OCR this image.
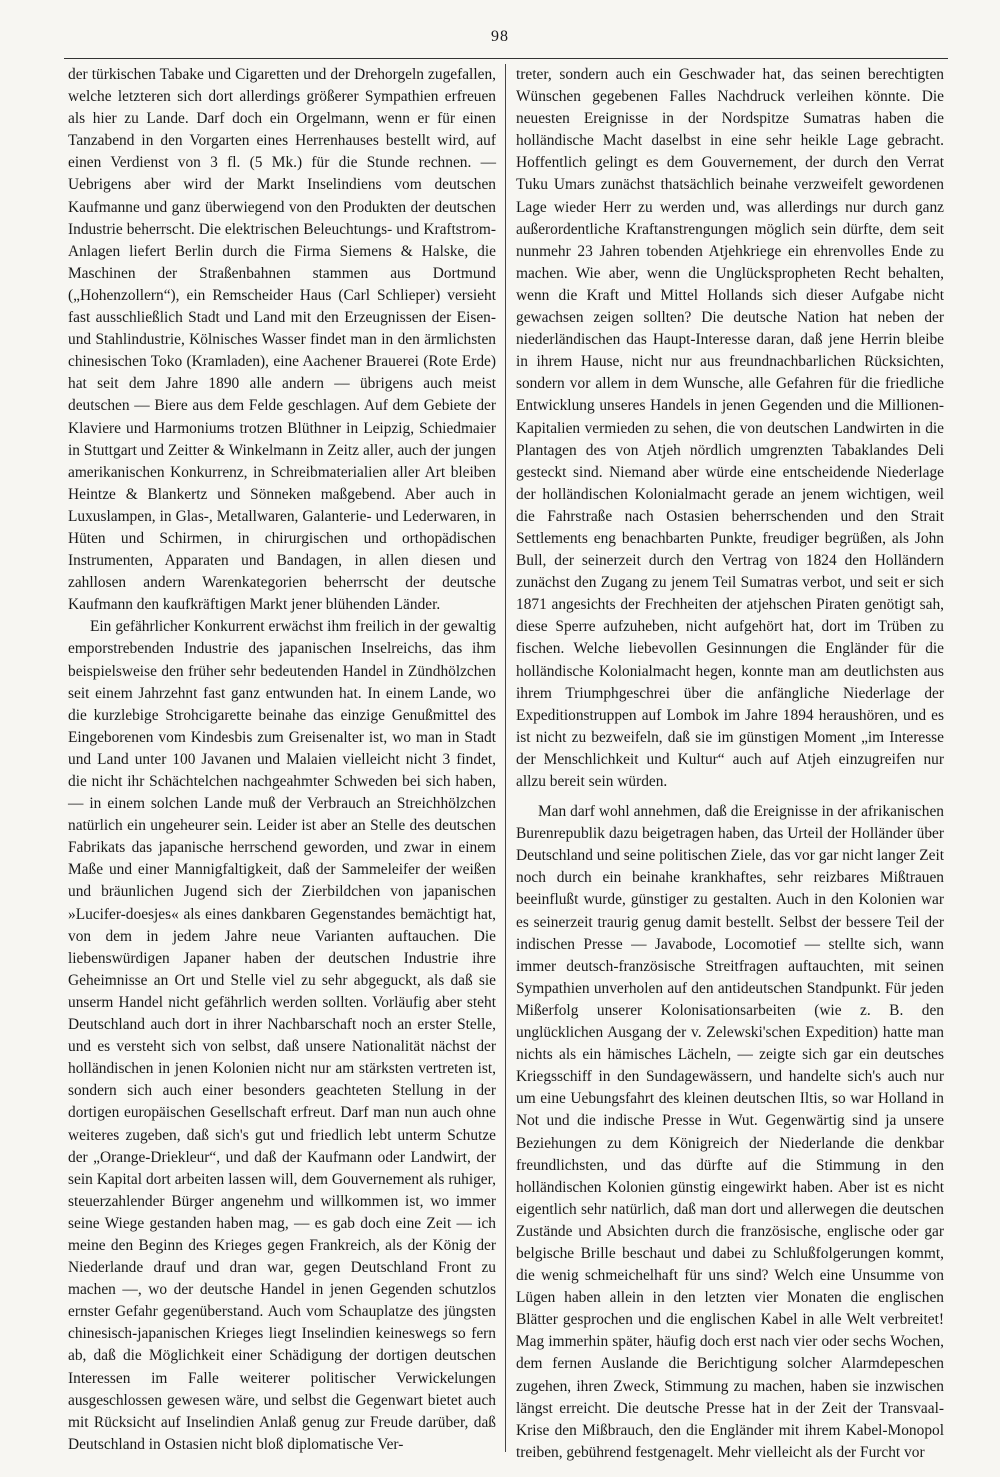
98

der türkischen Tabake und Cigaretten und der Drehorgeln zugefallen, welche letzteren sich dort allerdings größerer Sympathien erfreuen als hier zu Lande. Darf doch ein Orgelmann, wenn er für einen Tanzabend in den Vorgarten eines Herrenhauses bestellt wird, auf einen Verdienst von 3 fl. (5 Mk.) für die Stunde rechnen. — Uebrigens aber wird der Markt Inselindiens vom deutschen Kaufmanne und ganz überwiegend von den Produkten der deutschen Industrie beherrscht. Die elektrischen Beleuchtungs- und Kraftstrom-Anlagen liefert Berlin durch die Firma Siemens & Halske, die Maschinen der Straßenbahnen stammen aus Dortmund („Hohenzollern“), ein Remscheider Haus (Carl Schlieper) versieht fast ausschließlich Stadt und Land mit den Erzeugnissen der Eisen- und Stahlindustrie, Kölnisches Wasser findet man in den ärmlichsten chinesischen Toko (Kramladen), eine Aachener Brauerei (Rote Erde) hat seit dem Jahre 1890 alle andern — übrigens auch meist deutschen — Biere aus dem Felde geschlagen. Auf dem Gebiete der Klaviere und Harmoniums trotzen Blüthner in Leipzig, Schiedmaier in Stuttgart und Zeitter & Winkelmann in Zeitz aller, auch der jungen amerikanischen Konkurrenz, in Schreibmaterialien aller Art bleiben Heintze & Blankertz und Sönneken maßgebend. Aber auch in Luxuslampen, in Glas-, Metallwaren, Galanterie- und Lederwaren, in Hüten und Schirmen, in chirurgischen und orthopädischen Instrumenten, Apparaten und Bandagen, in allen diesen und zahllosen andern Warenkategorien beherrscht der deutsche Kaufmann den kaufkräftigen Markt jener blühenden Länder.

Ein gefährlicher Konkurrent erwächst ihm freilich in der gewaltig emporstrebenden Industrie des japanischen Inselreichs, das ihm beispielsweise den früher sehr bedeutenden Handel in Zündhölzchen seit einem Jahrzehnt fast ganz entwunden hat. In einem Lande, wo die kurzlebige Strohcigarette beinahe das einzige Genußmittel des Eingeborenen vom Kindesbis zum Greisenalter ist, wo man in Stadt und Land unter 100 Javanen und Malaien vielleicht nicht 3 findet, die nicht ihr Schächtelchen nachgeahmter Schweden bei sich haben, — in einem solchen Lande muß der Verbrauch an Streichhölzchen natürlich ein ungeheurer sein. Leider ist aber an Stelle des deutschen Fabrikats das japanische herrschend geworden, und zwar in einem Maße und einer Mannigfaltigkeit, daß der Sammeleifer der weißen und bräunlichen Jugend sich der Zierbildchen von japanischen »Lucifer-doesjes« als eines dankbaren Gegenstandes bemächtigt hat, von dem in jedem Jahre neue Varianten auftauchen. Die liebenswürdigen Japaner haben der deutschen Industrie ihre Geheimnisse an Ort und Stelle viel zu sehr abgeguckt, als daß sie unserm Handel nicht gefährlich werden sollten. Vorläufig aber steht Deutschland auch dort in ihrer Nachbarschaft noch an erster Stelle, und es versteht sich von selbst, daß unsere Nationalität nächst der holländischen in jenen Kolonien nicht nur am stärksten vertreten ist, sondern sich auch einer besonders geachteten Stellung in der dortigen europäischen Gesellschaft erfreut. Darf man nun auch ohne weiteres zugeben, daß sich's gut und friedlich lebt unterm Schutze der „Orange-Driekleur“, und daß der Kaufmann oder Landwirt, der sein Kapital dort arbeiten lassen will, dem Gouvernement als ruhiger, steuerzahlender Bürger angenehm und willkommen ist, wo immer seine Wiege gestanden haben mag, — es gab doch eine Zeit — ich meine den Beginn des Krieges gegen Frankreich, als der König der Niederlande drauf und dran war, gegen Deutschland Front zu machen —, wo der deutsche Handel in jenen Gegenden schutzlos ernster Gefahr gegenüberstand. Auch vom Schauplatze des jüngsten chinesisch-japanischen Krieges liegt Inselindien keineswegs so fern ab, daß die Möglichkeit einer Schädigung der dortigen deutschen Interessen im Falle weiterer politischer Verwickelungen ausgeschlossen gewesen wäre, und selbst die Gegenwart bietet auch mit Rücksicht auf Inselindien Anlaß genug zur Freude darüber, daß Deutschland in Ostasien nicht bloß diplomatische Ver-

treter, sondern auch ein Geschwader hat, das seinen berechtigten Wünschen gegebenen Falles Nachdruck verleihen könnte. Die neuesten Ereignisse in der Nordspitze Sumatras haben die holländische Macht daselbst in eine sehr heikle Lage gebracht. Hoffentlich gelingt es dem Gouvernement, der durch den Verrat Tuku Umars zunächst thatsächlich beinahe verzweifelt gewordenen Lage wieder Herr zu werden und, was allerdings nur durch ganz außerordentliche Kraftanstrengungen möglich sein dürfte, dem seit nunmehr 23 Jahren tobenden Atjehkriege ein ehrenvolles Ende zu machen. Wie aber, wenn die Unglückspropheten Recht behalten, wenn die Kraft und Mittel Hollands sich dieser Aufgabe nicht gewachsen zeigen sollten? Die deutsche Nation hat neben der niederländischen das Haupt-Interesse daran, daß jene Herrin bleibe in ihrem Hause, nicht nur aus freundnachbarlichen Rücksichten, sondern vor allem in dem Wunsche, alle Gefahren für die friedliche Entwicklung unseres Handels in jenen Gegenden und die Millionen-Kapitalien vermieden zu sehen, die von deutschen Landwirten in die Plantagen des von Atjeh nördlich umgrenzten Tabaklandes Deli gesteckt sind. Niemand aber würde eine entscheidende Niederlage der holländischen Kolonialmacht gerade an jenem wichtigen, weil die Fahrstraße nach Ostasien beherrschenden und den Strait Settlements eng benachbarten Punkte, freudiger begrüßen, als John Bull, der seinerzeit durch den Vertrag von 1824 den Holländern zunächst den Zugang zu jenem Teil Sumatras verbot, und seit er sich 1871 angesichts der Frechheiten der atjehschen Piraten genötigt sah, diese Sperre aufzuheben, nicht aufgehört hat, dort im Trüben zu fischen. Welche liebevollen Gesinnungen die Engländer für die holländische Kolonialmacht hegen, konnte man am deutlichsten aus ihrem Triumphgeschrei über die anfängliche Niederlage der Expeditionstruppen auf Lombok im Jahre 1894 heraushören, und es ist nicht zu bezweifeln, daß sie im günstigen Moment „im Interesse der Menschlichkeit und Kultur“ auch auf Atjeh einzugreifen nur allzu bereit sein würden.

Man darf wohl annehmen, daß die Ereignisse in der afrikanischen Burenrepublik dazu beigetragen haben, das Urteil der Holländer über Deutschland und seine politischen Ziele, das vor gar nicht langer Zeit noch durch ein beinahe krankhaftes, sehr reizbares Mißtrauen beeinflußt wurde, günstiger zu gestalten. Auch in den Kolonien war es seinerzeit traurig genug damit bestellt. Selbst der bessere Teil der indischen Presse — Javabode, Locomotief — stellte sich, wann immer deutsch-französische Streitfragen auftauchten, mit seinen Sympathien unverholen auf den antideutschen Standpunkt. Für jeden Mißerfolg unserer Kolonisationsarbeiten (wie z. B. den unglücklichen Ausgang der v. Zelewski'schen Expedition) hatte man nichts als ein hämisches Lächeln, — zeigte sich gar ein deutsches Kriegsschiff in den Sundagewässern, und handelte sich's auch nur um eine Uebungsfahrt des kleinen deutschen Iltis, so war Holland in Not und die indische Presse in Wut. Gegenwärtig sind ja unsere Beziehungen zu dem Königreich der Niederlande die denkbar freundlichsten, und das dürfte auf die Stimmung in den holländischen Kolonien günstig eingewirkt haben. Aber ist es nicht eigentlich sehr natürlich, daß man dort und allerwegen die deutschen Zustände und Absichten durch die französische, englische oder gar belgische Brille beschaut und dabei zu Schlußfolgerungen kommt, die wenig schmeichelhaft für uns sind? Welch eine Unsumme von Lügen haben allein in den letzten vier Monaten die englischen Blätter gesprochen und die englischen Kabel in alle Welt verbreitet! Mag immerhin später, häufig doch erst nach vier oder sechs Wochen, dem fernen Auslande die Berichtigung solcher Alarmdepeschen zugehen, ihren Zweck, Stimmung zu machen, haben sie inzwischen längst erreicht. Die deutsche Presse hat in der Zeit der Transvaal-Krise den Mißbrauch, den die Engländer mit ihrem Kabel-Monopol treiben, gebührend festgenagelt. Mehr vielleicht als der Furcht vor
